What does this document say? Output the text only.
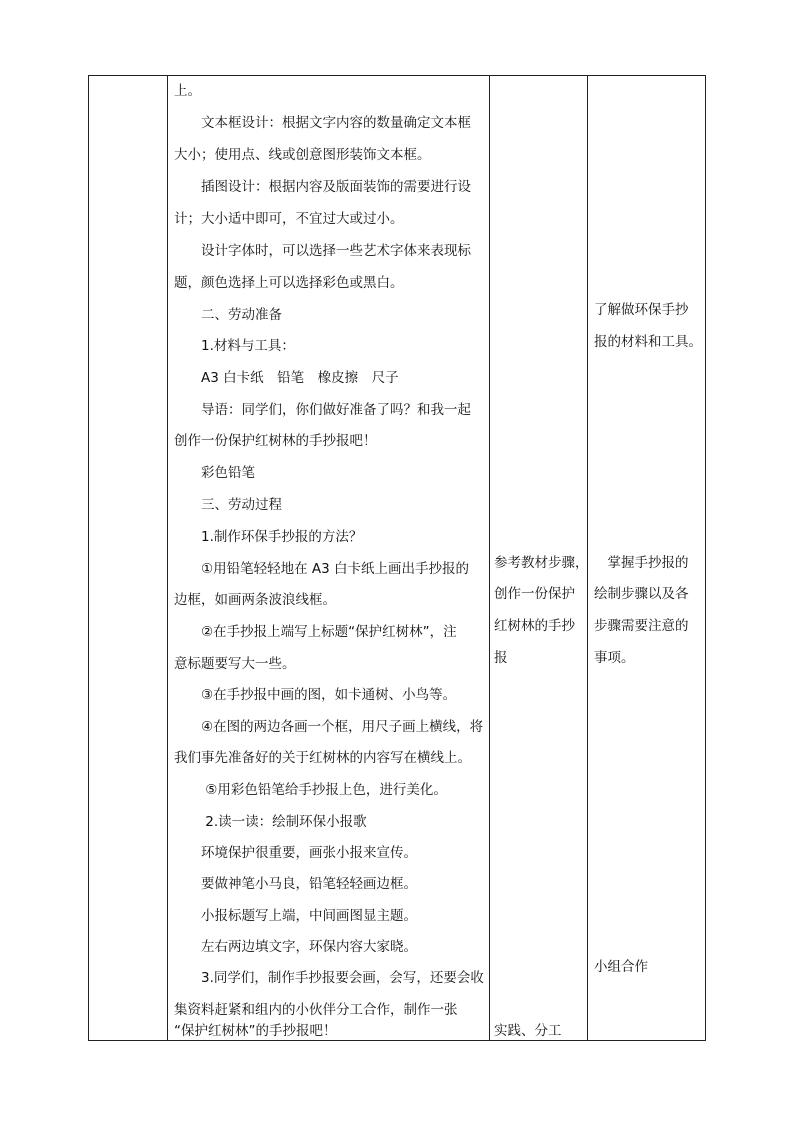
上。
　　文本框设计：根据文字内容的数量确定文本框
大小；使用点、线或创意图形装饰文本框。
　　插图设计：根据内容及版面装饰的需要进行设
计；大小适中即可，不宜过大或过小。
　　设计字体时，可以选择一些艺术字体来表现标
题，颜色选择上可以选择彩色或黑白。
　　二、劳动准备
　　1.材料与工具：
　　A3 白卡纸　铅笔　橡皮擦　尺子
　　导语：同学们，你们做好准备了吗？和我一起
创作一份保护红树林的手抄报吧！
　　彩色铅笔
　　三、劳动过程
　　1.制作环保手抄报的方法？
　　①用铅笔轻轻地在 A3 白卡纸上画出手抄报的
边框，如画两条波浪线框。
　　②在手抄报上端写上标题“保护红树林”，注
意标题要写大一些。
　　③在手抄报中画的图，如卡通树、小鸟等。
　　④在图的两边各画一个框，用尺子画上横线，将
我们事先准备好的关于红树林的内容写在横线上。
　　 ⑤用彩色铅笔给手抄报上色，进行美化。
　　 2.读一读：绘制环保小报歌
　　环境保护很重要，画张小报来宣传。
　　要做神笔小马良，铅笔轻轻画边框。
　　小报标题写上端，中间画图显主题。
　　左右两边填文字，环保内容大家晓。
　　3.同学们，制作手抄报要会画，会写，还要会收
集资料赶紧和组内的小伙伴分工合作，制作一张
“保护红树林”的手抄报吧！
参考教材步骤，
创作一份保护
红树林的手抄
报
实践、分工
了解做环保手抄
报的材料和工具。
　掌握手抄报的
绘制步骤以及各
步骤需要注意的
事项。
小组合作
